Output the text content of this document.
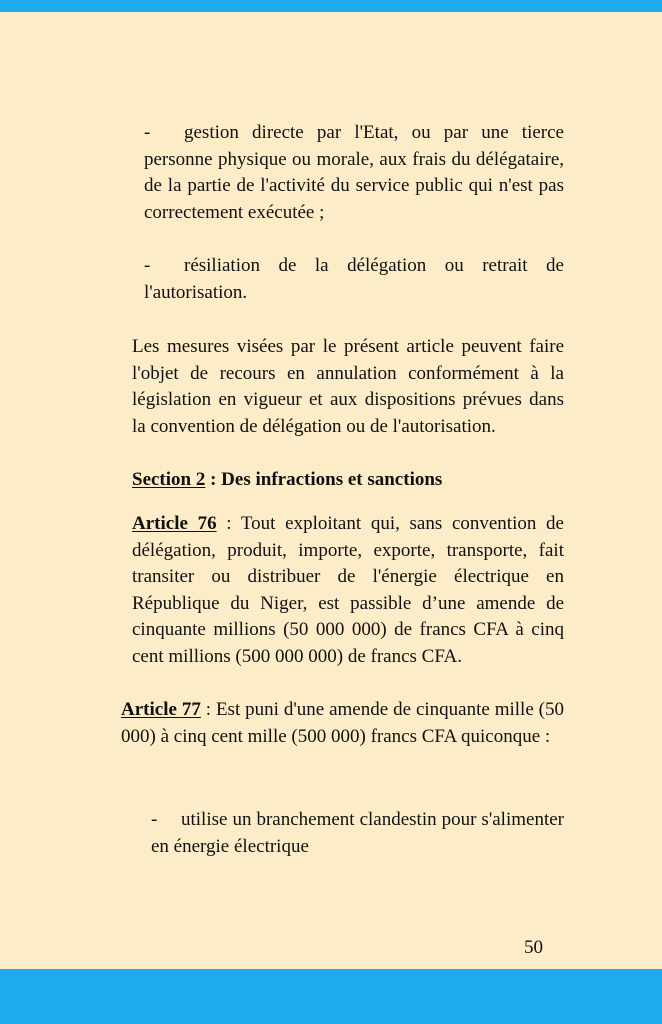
- gestion directe par l'Etat, ou par une tierce personne physique ou morale, aux frais du délégataire, de la partie de l'activité du service public qui n'est pas correctement exécutée ;

- résiliation de la délégation ou retrait de l'autorisation.

Les mesures visées par le présent article peuvent faire l'objet de recours en annulation conformément à la législation en vigueur et aux dispositions prévues dans la convention de délégation ou de l'autorisation.

Section 2 : Des infractions et sanctions

Article 76 : Tout exploitant qui, sans convention de délégation, produit, importe, exporte, transporte, fait transiter ou distribuer de l'énergie électrique en République du Niger, est passible d’une amende de cinquante millions (50 000 000) de francs CFA à cinq cent millions (500 000 000) de francs CFA.

Article 77 : Est puni d'une amende de cinquante mille (50 000) à cinq cent mille (500 000) francs CFA quiconque :

- utilise un branchement clandestin pour s'alimenter en énergie électrique

50
